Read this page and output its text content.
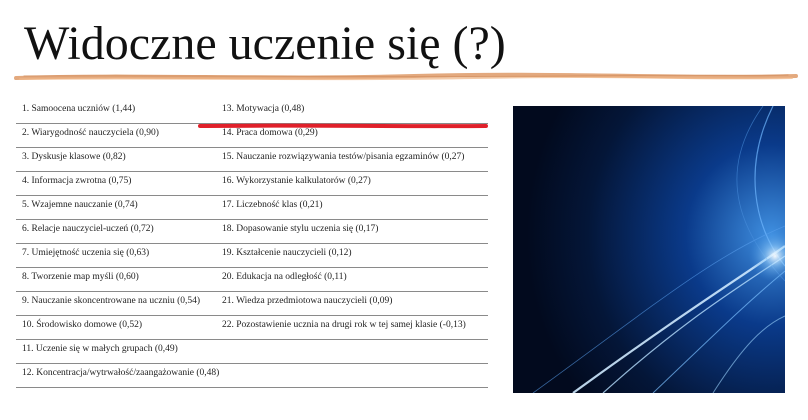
Widoczne uczenie się (?)
1. Samoocena uczniów (1,44)	13. Motywacja (0,48)
2. Wiarygodność nauczyciela (0,90)	14. Praca domowa (0,29)
3. Dyskusje klasowe (0,82)	15. Nauczanie rozwiązywania testów/pisania egzaminów (0,27)
4. Informacja zwrotna (0,75)	16. Wykorzystanie kalkulatorów (0,27)
5. Wzajemne nauczanie (0,74)	17. Liczebność klas (0,21)
6. Relacje nauczyciel-uczeń (0,72)	18. Dopasowanie stylu uczenia się (0,17)
7. Umiejętność uczenia się (0,63)	19. Kształcenie nauczycieli (0,12)
8. Tworzenie map myśli (0,60)	20. Edukacja na odległość (0,11)
9. Nauczanie skoncentrowane na uczniu (0,54) 21. Wiedza przedmiotowa nauczycieli (0,09)
10. Środowisko domowe (0,52)	22. Pozostawienie ucznia na drugi rok w tej samej klasie (-0,13)
11. Uczenie się w małych grupach (0,49)
12. Koncentracja/wytrwałość/zaangażowanie (0,48)
